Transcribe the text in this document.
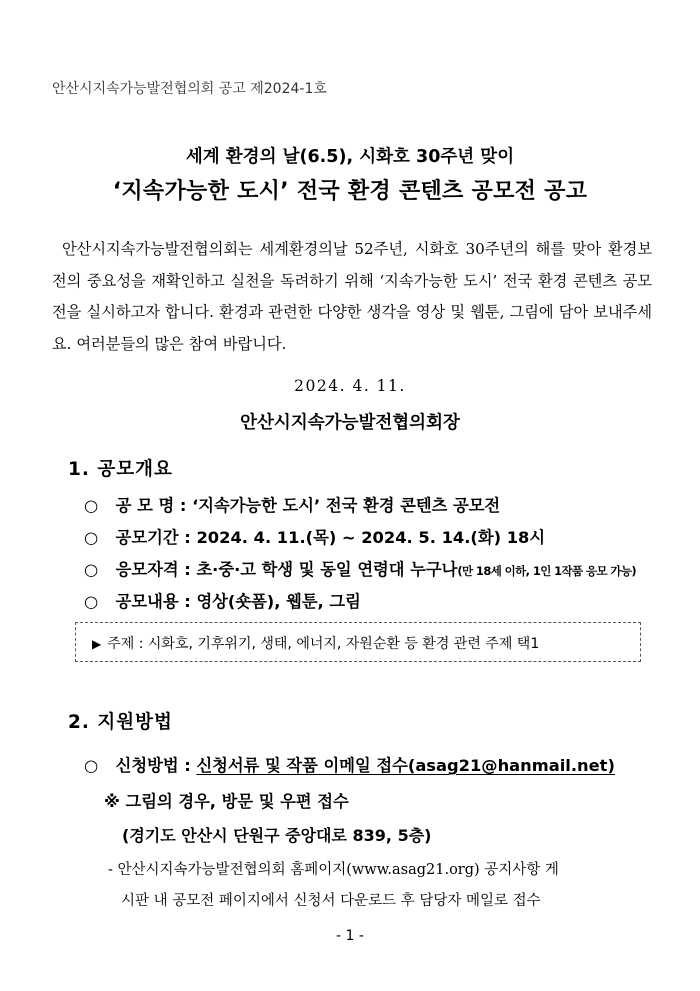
안산시지속가능발전협의회 공고 제2024-1호
세계 환경의 날(6.5), 시화호 30주년 맞이
‘지속가능한 도시’ 전국 환경 콘텐츠 공모전 공고
안산시지속가능발전협의회는 세계환경의날 52주년, 시화호 30주년의 해를 맞아 환경보전의 중요성을 재확인하고 실천을 독려하기 위해 ‘지속가능한 도시’ 전국 환경 콘텐츠 공모전을 실시하고자 합니다. 환경과 관련한 다양한 생각을 영상 및 웹툰, 그림에 담아 보내주세요. 여러분들의 많은 참여 바랍니다.
2024. 4. 11.
안산시지속가능발전협의회장
1. 공모개요
○ 공 모 명 : ‘지속가능한 도시’ 전국 환경 콘텐츠 공모전
○ 공모기간 : 2024. 4. 11.(목) ~ 2024. 5. 14.(화) 18시
○ 응모자격 : 초·중·고 학생 및 동일 연령대 누구나(만 18세 이하, 1인 1작품 응모 가능)
○ 공모내용 : 영상(숏폼), 웹툰, 그림
▶ 주제 : 시화호, 기후위기, 생태, 에너지, 자원순환 등 환경 관련 주제 택1
2. 지원방법
○ 신청방법 : 신청서류 및 작품 이메일 접수(asag21@hanmail.net)
※ 그림의 경우, 방문 및 우편 접수
(경기도 안산시 단원구 중앙대로 839, 5층)
- 안산시지속가능발전협의회 홈페이지(www.asag21.org) 공지사항 게
시판 내 공모전 페이지에서 신청서 다운로드 후 담당자 메일로 접수
- 1 -
